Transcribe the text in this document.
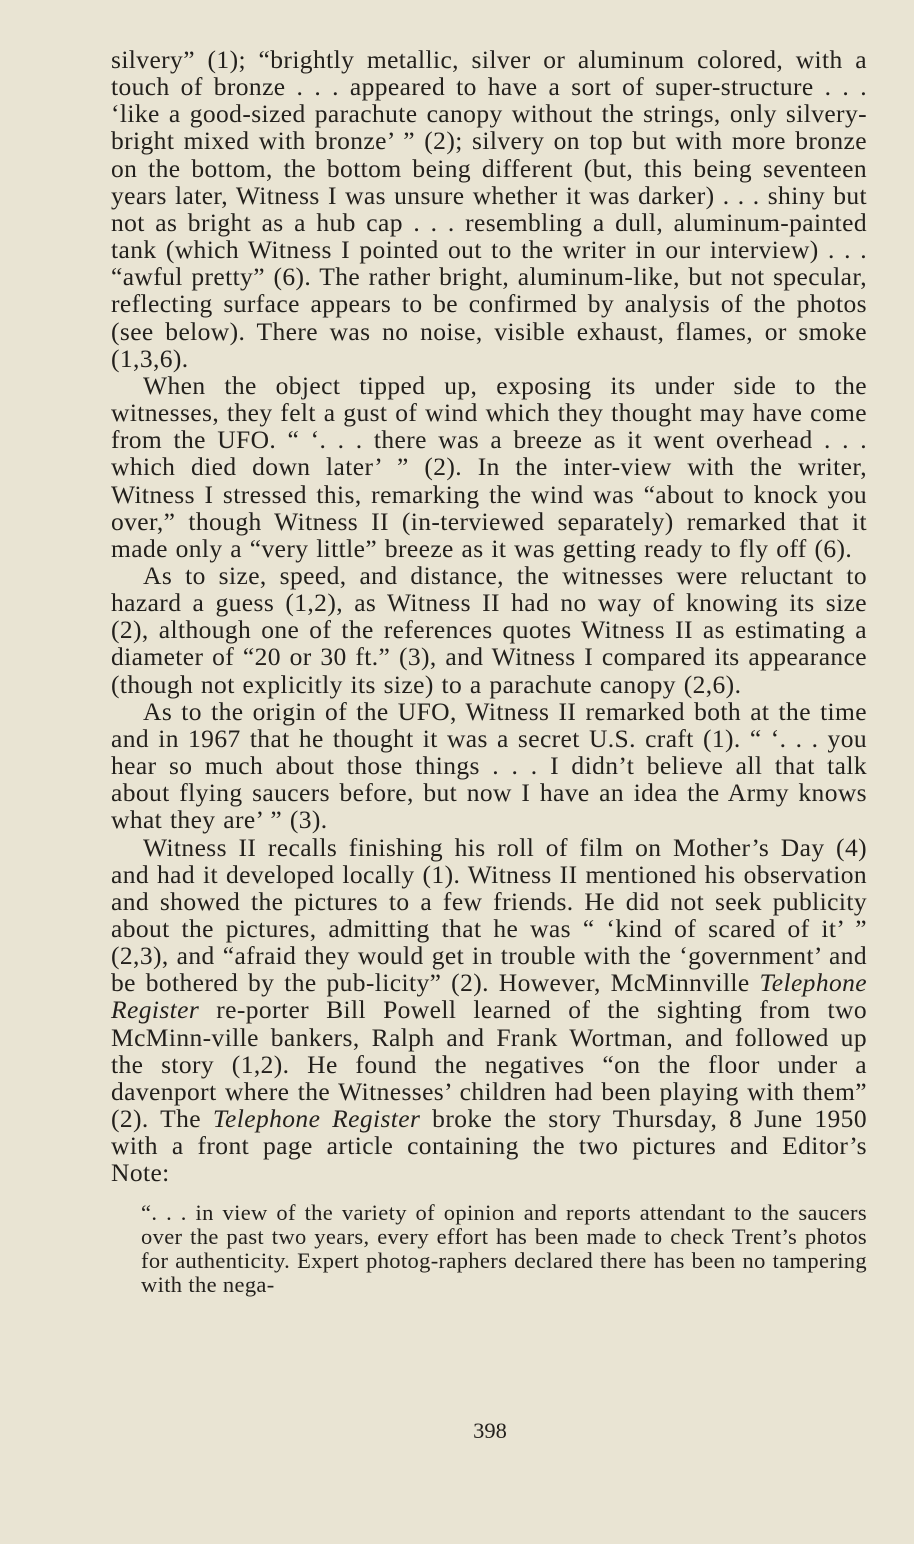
silvery” (1); “brightly metallic, silver or aluminum colored, with a touch of bronze . . . appeared to have a sort of super-structure . . . ‘like a good-sized parachute canopy without the strings, only silvery-bright mixed with bronze’ ” (2); silvery on top but with more bronze on the bottom, the bottom being different (but, this being seventeen years later, Witness I was unsure whether it was darker) . . . shiny but not as bright as a hub cap . . . resembling a dull, aluminum-painted tank (which Witness I pointed out to the writer in our interview) . . . “awful pretty” (6). The rather bright, aluminum-like, but not specular, reflecting surface appears to be confirmed by analysis of the photos (see below). There was no noise, visible exhaust, flames, or smoke (1,3,6).

When the object tipped up, exposing its under side to the witnesses, they felt a gust of wind which they thought may have come from the UFO. “ ‘. . . there was a breeze as it went overhead . . . which died down later’ ” (2). In the inter-view with the writer, Witness I stressed this, remarking the wind was “about to knock you over,” though Witness II (in-terviewed separately) remarked that it made only a “very little” breeze as it was getting ready to fly off (6).

As to size, speed, and distance, the witnesses were reluctant to hazard a guess (1,2), as Witness II had no way of knowing its size (2), although one of the references quotes Witness II as estimating a diameter of “20 or 30 ft.” (3), and Witness I compared its appearance (though not explicitly its size) to a parachute canopy (2,6).

As to the origin of the UFO, Witness II remarked both at the time and in 1967 that he thought it was a secret U.S. craft (1). “ ‘. . . you hear so much about those things . . . I didn’t believe all that talk about flying saucers before, but now I have an idea the Army knows what they are’ ” (3).

Witness II recalls finishing his roll of film on Mother’s Day (4) and had it developed locally (1). Witness II mentioned his observation and showed the pictures to a few friends. He did not seek publicity about the pictures, admitting that he was “ ‘kind of scared of it’ ” (2,3), and “afraid they would get in trouble with the ‘government’ and be bothered by the pub-licity” (2). However, McMinnville Telephone Register re-porter Bill Powell learned of the sighting from two McMinn-ville bankers, Ralph and Frank Wortman, and followed up the story (1,2). He found the negatives “on the floor under a davenport where the Witnesses’ children had been playing with them” (2). The Telephone Register broke the story Thursday, 8 June 1950 with a front page article containing the two pictures and Editor’s Note:

“. . . in view of the variety of opinion and reports attendant to the saucers over the past two years, every effort has been made to check Trent’s photos for authenticity. Expert photog-raphers declared there has been no tampering with the nega-

398
